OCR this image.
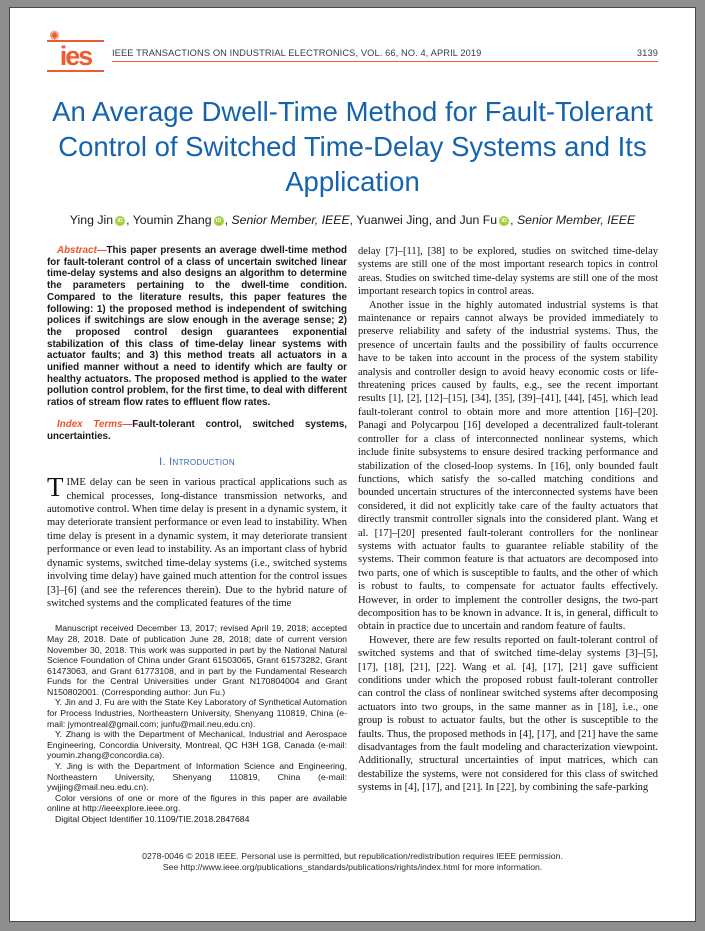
✺
ies	IEEE TRANSACTIONS ON INDUSTRIAL ELECTRONICS, VOL. 66, NO. 4, APRIL 2019	3139
An Average Dwell-Time Method for Fault-Tolerant Control of Switched Time-Delay Systems and Its Application
Ying Jin iD , Youmin Zhang iD , Senior Member, IEEE, Yuanwei Jing, and Jun Fu iD , Senior Member, IEEE

Abstract—This paper presents an average dwell-time method for fault-tolerant control of a class of uncertain switched linear time-delay systems and also designs an algorithm to determine the parameters pertaining to the dwell-time condition. Compared to the literature results, this paper features the following: 1) the proposed method is independent of switching polices if switchings are slow enough in the average sense; 2) the proposed control design guarantees exponential stabilization of this class of time-delay linear systems with actuator faults; and 3) this method treats all actuators in a unified manner without a need to identify which are faulty or healthy actuators. The proposed method is applied to the water pollution control problem, for the first time, to deal with different ratios of stream flow rates to effluent flow rates.

Index Terms—Fault-tolerant control, switched systems, uncertainties.

I. Introduction
TIME delay can be seen in various practical applications such as chemical processes, long-distance transmission networks, and automotive control. When time delay is present in a dynamic system, it may deteriorate transient performance or even lead to instability. When time delay is present in a dynamic system, it may deteriorate transient performance or even lead to instability. As an important class of hybrid dynamic systems, switched time-delay systems (i.e., switched systems involving time delay) have gained much attention for the control issues [3]–[6] (and see the references therein). Due to the hybrid nature of switched systems and the complicated features of the time

Manuscript received December 13, 2017; revised April 19, 2018; accepted May 28, 2018. Date of publication June 28, 2018; date of current version November 30, 2018. This work was supported in part by the National Natural Science Foundation of China under Grant 61503065, Grant 61573282, Grant 61473063, and Grant 61773108, and in part by the Fundamental Research Funds for the Central Universities under Grant N170804004 and Grant N150802001. (Corresponding author: Jun Fu.)

Y. Jin and J. Fu are with the State Key Laboratory of Synthetical Automation for Process Industries, Northeastern University, Shenyang 110819, China (e-mail: jymontreal@gmail.com; junfu@mail.neu.edu.cn).

Y. Zhang is with the Department of Mechanical, Industrial and Aerospace Engineering, Concordia University, Montreal, QC H3H 1G8, Canada (e-mail: youmin.zhang@concordia.ca).

Y. Jing is with the Department of Information Science and Engineering, Northeastern University, Shenyang 110819, China (e-mail: ywjjing@mail.neu.edu.cn).

Color versions of one or more of the figures in this paper are available online at http://ieeexplore.ieee.org.

Digital Object Identifier 10.1109/TIE.2018.2847684

delay [7]–[11], [38] to be explored, studies on switched time-delay systems are still one of the most important research topics in control areas. Studies on switched time-delay systems are still one of the most important research topics in control areas.

Another issue in the highly automated industrial systems is that maintenance or repairs cannot always be provided immediately to preserve reliability and safety of the industrial systems. Thus, the presence of uncertain faults and the possibility of faults occurrence have to be taken into account in the process of the system stability analysis and controller design to avoid heavy economic costs or life-threatening prices caused by faults, e.g., see the recent important results [1], [2], [12]–[15], [34], [35], [39]–[41], [44], [45], which lead fault-tolerant control to obtain more and more attention [16]–[20]. Panagi and Polycarpou [16] developed a decentralized fault-tolerant controller for a class of interconnected nonlinear systems, which include finite subsystems to ensure desired tracking performance and stabilization of the closed-loop systems. In [16], only bounded fault functions, which satisfy the so-called matching conditions and bounded uncertain structures of the interconnected systems have been considered, it did not explicitly take care of the faulty actuators that directly transmit controller signals into the considered plant. Wang et al. [17]–[20] presented fault-tolerant controllers for the nonlinear systems with actuator faults to guarantee reliable stability of the systems. Their common feature is that actuators are decomposed into two parts, one of which is susceptible to faults, and the other of which is robust to faults, to compensate for actuator faults effectively. However, in order to implement the controller designs, the two-part decomposition has to be known in advance. It is, in general, difficult to obtain in practice due to uncertain and random feature of faults.

However, there are few results reported on fault-tolerant control of switched systems and that of switched time-delay systems [3]–[5], [17], [18], [21], [22]. Wang et al. [4], [17], [21] gave sufficient conditions under which the proposed robust fault-tolerant controller can control the class of nonlinear switched systems after decomposing actuators into two groups, in the same manner as in [18], i.e., one group is robust to actuator faults, but the other is susceptible to the faults. Thus, the proposed methods in [4], [17], and [21] have the same disadvantages from the fault modeling and characterization viewpoint. Additionally, structural uncertainties of input matrices, which can destabilize the systems, were not considered for this class of switched systems in [4], [17], and [21]. In [22], by combining the safe-parking

0278-0046 © 2018 IEEE. Personal use is permitted, but republication/redistribution requires IEEE permission.
See http://www.ieee.org/publications_standards/publications/rights/index.html for more information.
